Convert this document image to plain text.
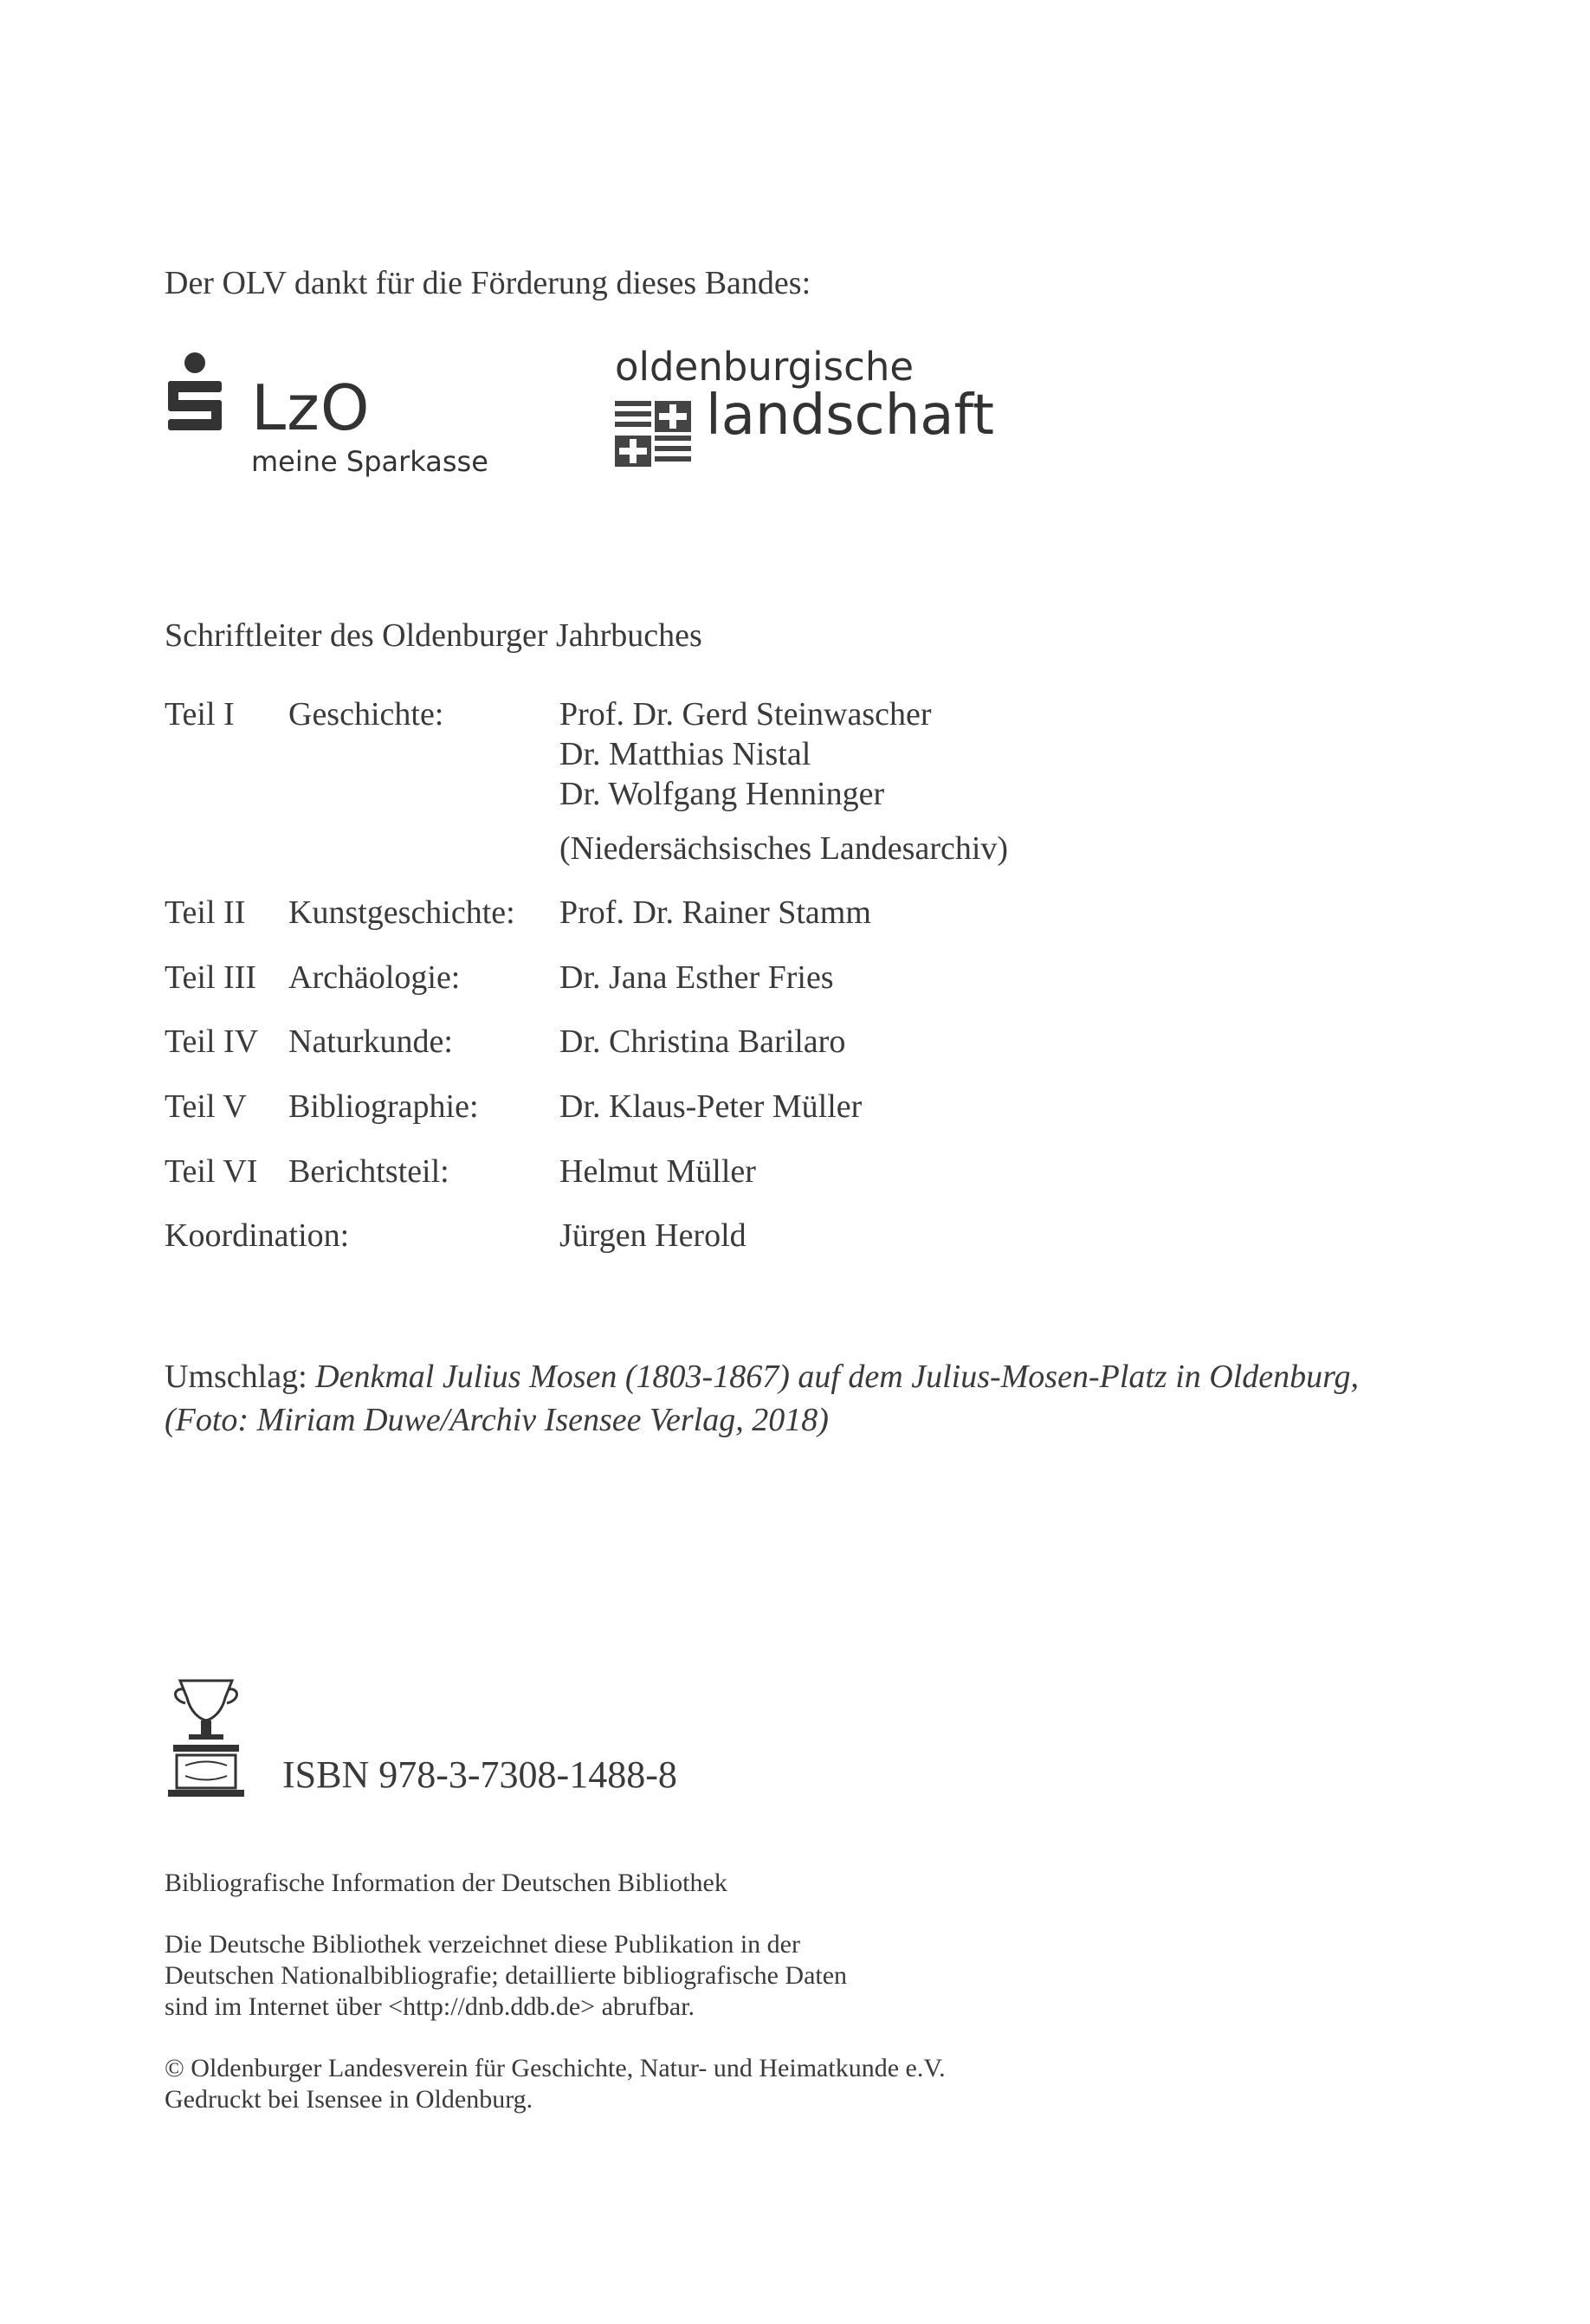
Der OLV dankt für die Förderung dieses Bandes:
LzO
meine Sparkasse
oldenburgische
landschaft
Schriftleiter des Oldenburger Jahrbuches
Teil I Geschichte:	Prof. Dr. Gerd Steinwascher
Dr. Matthias Nistal
Dr. Wolfgang Henninger
(Niedersächsisches Landesarchiv)
Teil II Kunstgeschichte: Prof. Dr. Rainer Stamm
Teil III Archäologie:	Dr. Jana Esther Fries
Teil IV Naturkunde:	Dr. Christina Barilaro
Teil V Bibliographie: Dr. Klaus-Peter Müller
Teil VI Berichtsteil:	Helmut Müller
Koordination:	Jürgen Herold
Umschlag: Denkmal Julius Mosen (1803-1867) auf dem Julius-Mosen-Platz in Oldenburg,
(Foto: Miriam Duwe/Archiv Isensee Verlag, 2018)
ISBN 978-3-7308-1488-8
Bibliografische Information der Deutschen Bibliothek
Die Deutsche Bibliothek verzeichnet diese Publikation in der
Deutschen Nationalbibliografie; detaillierte bibliografische Daten
sind im Internet über <http://dnb.ddb.de> abrufbar.
© Oldenburger Landesverein für Geschichte, Natur- und Heimatkunde e.V.
Gedruckt bei Isensee in Oldenburg.
